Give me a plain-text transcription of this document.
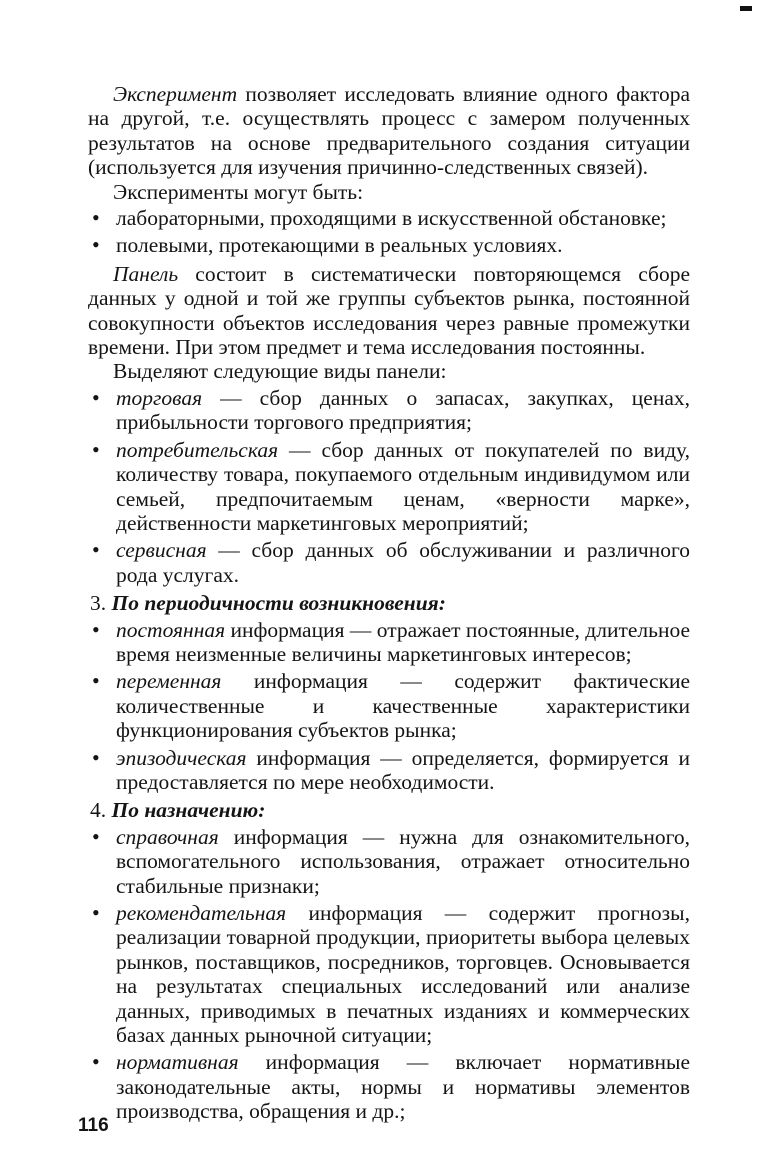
Эксперимент позволяет исследовать влияние одного фактора на другой, т.е. осуществлять процесс с замером полученных результатов на основе предварительного создания ситуации (используется для изучения причинно-следственных связей).

Эксперименты могут быть:

• лабораторными, проходящими в искусственной обстановке;
• полевыми, протекающими в реальных условиях.

Панель состоит в систематически повторяющемся сборе данных у одной и той же группы субъектов рынка, постоянной совокупности объектов исследования через равные промежутки времени. При этом предмет и тема исследования постоянны.

Выделяют следующие виды панели:

• торговая — сбор данных о запасах, закупках, ценах, прибыльности торгового предприятия;
• потребительская — сбор данных от покупателей по виду, количеству товара, покупаемого отдельным индивидумом или семьей, предпочитаемым ценам, «верности марке», действенности маркетинговых мероприятий;
• сервисная — сбор данных об обслуживании и различного рода услугах.

3. По периодичности возникновения:

• постоянная информация — отражает постоянные, длительное время неизменные величины маркетинговых интересов;
• переменная информация — содержит фактические количественные и качественные характеристики функционирования субъектов рынка;
• эпизодическая информация — определяется, формируется и предоставляется по мере необходимости.

4. По назначению:

• справочная информация — нужна для ознакомительного, вспомогательного использования, отражает относительно стабильные признаки;
• рекомендательная информация — содержит прогнозы, реализации товарной продукции, приоритеты выбора целевых рынков, поставщиков, посредников, торговцев. Основывается на результатах специальных исследований или анализе данных, приводимых в печатных изданиях и коммерческих базах данных рыночной ситуации;
• нормативная информация — включает нормативные законодательные акты, нормы и нормативы элементов производства, обращения и др.;
116
